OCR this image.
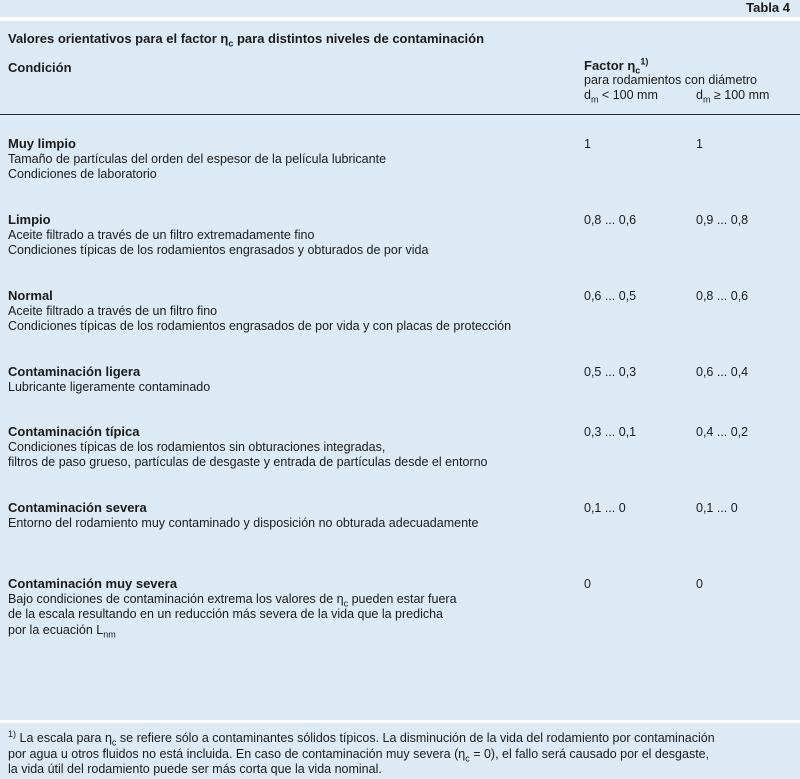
Tabla 4
Valores orientativos para el factor $\eta_c$ para distintos niveles de contaminación
Condición	Factor $\eta_c^{1)}$
para rodamientos con diámetro
$d_m < 100$ mm	$d_m \ge 100$ mm
Muy limpio
Tamaño de partículas del orden del espesor de la película lubricante
Condiciones de laboratorio
1	1
Limpio
Aceite filtrado a través de un filtro extremadamente fino
Condiciones típicas de los rodamientos engrasados y obturados de por vida
0,8 ... 0,6	0,9 ... 0,8
Normal
Aceite filtrado a través de un filtro fino
Condiciones típicas de los rodamientos engrasados de por vida y con placas de protección
0,6 ... 0,5	0,8 ... 0,6
Contaminación ligera
Lubricante ligeramente contaminado
0,5 ... 0,3	0,6 ... 0,4
Contaminación típica
Condiciones típicas de los rodamientos sin obturaciones integradas,
filtros de paso grueso, partículas de desgaste y entrada de partículas desde el entorno
0,3 ... 0,1	0,4 ... 0,2
Contaminación severa
Entorno del rodamiento muy contaminado y disposición no obturada adecuadamente
0,1 ... 0	0,1 ... 0
Contaminación muy severa
Bajo condiciones de contaminación extrema los valores de $\eta_c$ pueden estar fuera
de la escala resultando en un reducción más severa de la vida que la predicha
por la ecuación $L_{nm}$
0	0
$^{1)}$ La escala para $\eta_c$ se refiere sólo a contaminantes sólidos típicos. La disminución de la vida del rodamiento por contaminación
por agua u otros fluidos no está incluida. En caso de contaminación muy severa $(\eta_c = 0)$, el fallo será causado por el desgaste,
la vida útil del rodamiento puede ser más corta que la vida nominal.
